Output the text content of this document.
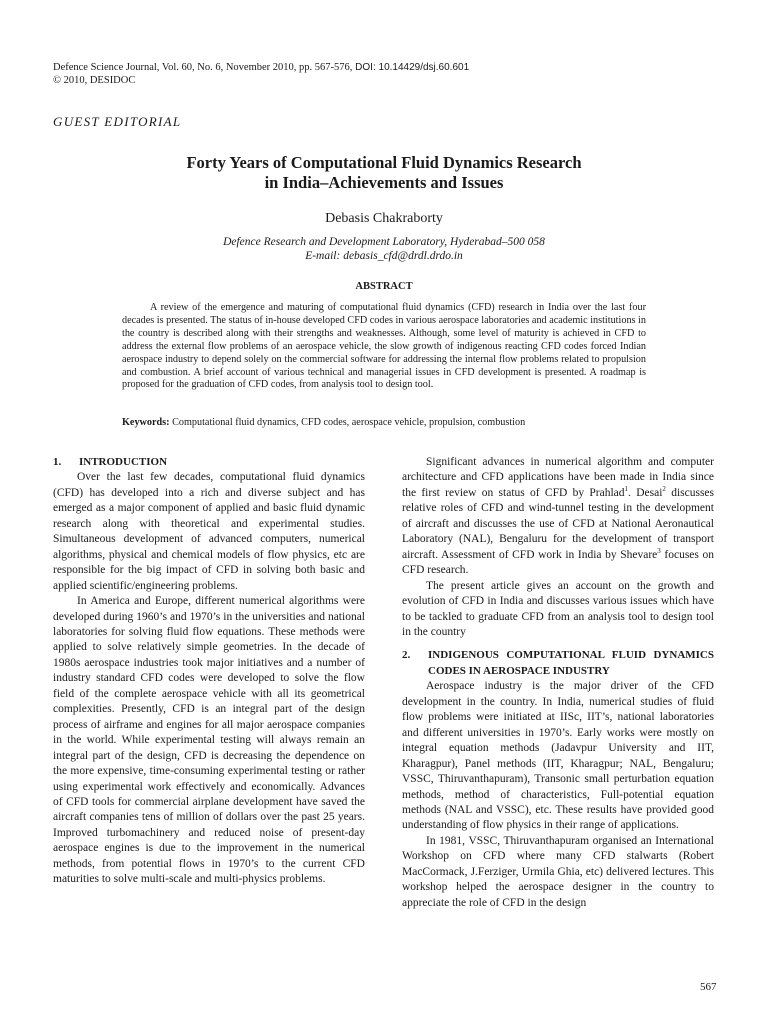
Defence Science Journal, Vol. 60, No. 6, November 2010, pp. 567-576, DOI: 10.14429/dsj.60.601
© 2010, DESIDOC
GUEST EDITORIAL
Forty Years of Computational Fluid Dynamics Research
in India–Achievements and Issues
Debasis Chakraborty
Defence Research and Development Laboratory, Hyderabad–500 058
E-mail: debasis_cfd@drdl.drdo.in
ABSTRACT

A review of the emergence and maturing of computational fluid dynamics (CFD) research in India over the last four decades is presented. The status of in-house developed CFD codes in various aerospace laboratories and academic institutions in the country is described along with their strengths and weaknesses. Although, some level of maturity is achieved in CFD to address the external flow problems of an aerospace vehicle, the slow growth of indigenous reacting CFD codes forced Indian aerospace industry to depend solely on the commercial software for addressing the internal flow problems related to propulsion and combustion. A brief account of various technical and managerial issues in CFD development is presented. A roadmap is proposed for the graduation of CFD codes, from analysis tool to design tool.

Keywords: Computational fluid dynamics, CFD codes, aerospace vehicle, propulsion, combustion

1.	INTRODUCTION

Over the last few decades, computational fluid dynamics (CFD) has developed into a rich and diverse subject and has emerged as a major component of applied and basic fluid dynamic research along with theoretical and experimental studies. Simultaneous development of advanced computers, numerical algorithms, physical and chemical models of flow physics, etc are responsible for the big impact of CFD in solving both basic and applied scientific/engineering problems.

In America and Europe, different numerical algorithms were developed during 1960’s and 1970’s in the universities and national laboratories for solving fluid flow equations. These methods were applied to solve relatively simple geometries. In the decade of 1980s aerospace industries took major initiatives and a number of industry standard CFD codes were developed to solve the flow field of the complete aerospace vehicle with all its geometrical complexities. Presently, CFD is an integral part of the design process of airframe and engines for all major aerospace companies in the world. While experimental testing will always remain an integral part of the design, CFD is decreasing the dependence on the more expensive, time-consuming experimental testing or rather using experimental work effectively and economically. Advances of CFD tools for commercial airplane development have saved the aircraft companies tens of million of dollars over the past 25 years. Improved turbomachinery and reduced noise of present-day aerospace engines is due to the improvement in the numerical methods, from potential flows in 1970’s to the current CFD maturities to solve multi-scale and multi-physics problems.

Significant advances in numerical algorithm and computer architecture and CFD applications have been made in India since the first review on status of CFD by Prahlad$^1$. Desai$^2$ discusses relative roles of CFD and wind-tunnel testing in the development of aircraft and discusses the use of CFD at National Aeronautical Laboratory (NAL), Bengaluru for the development of transport aircraft. Assessment of CFD work in India by Shevare$^3$ focuses on CFD research.

The present article gives an account on the growth and evolution of CFD in India and discusses various issues which have to be tackled to graduate CFD from an analysis tool to design tool in the country

2.	INDIGENOUS COMPUTATIONAL FLUID DYNAMICS CODES IN AEROSPACE INDUSTRY

Aerospace industry is the major driver of the CFD development in the country. In India, numerical studies of fluid flow problems were initiated at IISc, IIT’s, national laboratories and different universities in 1970’s. Early works were mostly on integral equation methods (Jadavpur University and IIT, Kharagpur), Panel methods (IIT, Kharagpur; NAL, Bengaluru; VSSC, Thiruvanthapuram), Transonic small perturbation equation methods, method of characteristics, Full-potential equation methods (NAL and VSSC), etc. These results have provided good understanding of flow physics in their range of applications.

In 1981, VSSC, Thiruvanthapuram organised an International Workshop on CFD where many CFD stalwarts (Robert MacCormack, J.Ferziger, Urmila Ghia, etc) delivered lectures. This workshop helped the aerospace designer in the country to appreciate the role of CFD in the design

567
